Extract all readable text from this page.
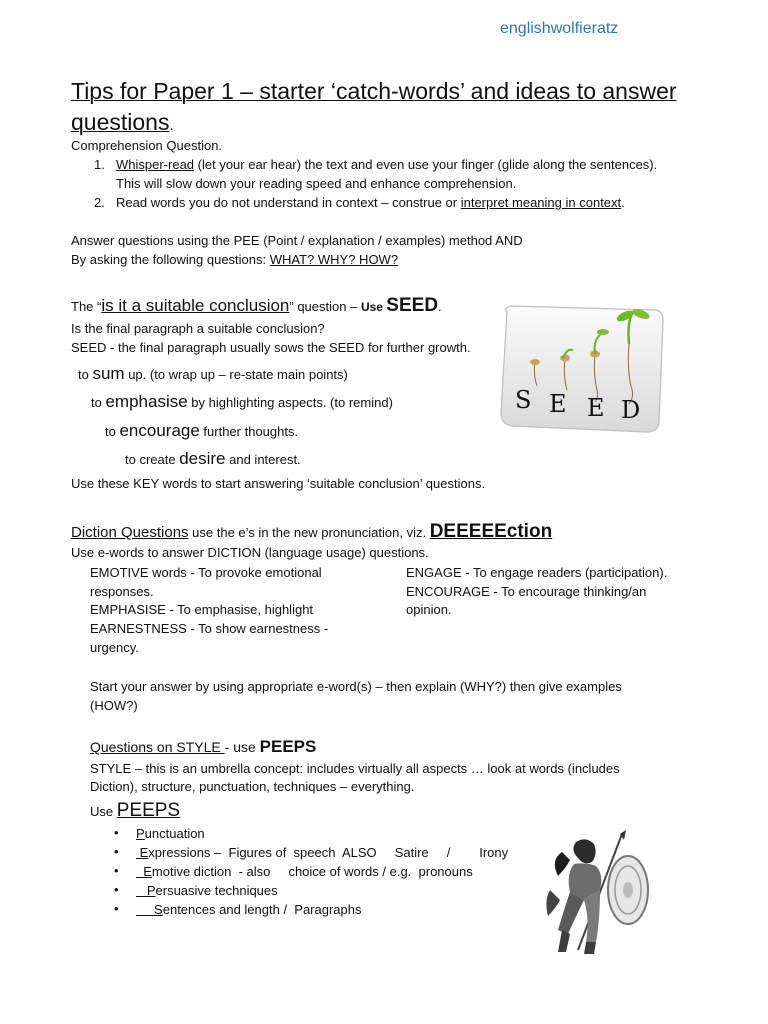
englishwolfieratz
Tips for Paper 1 – starter ‘catch-words’ and ideas to answer
questions.
Comprehension Question.
1. Whisper-read (let your ear hear) the text and even use your finger (glide along the sentences).
This will slow down your reading speed and enhance comprehension.
2. Read words you do not understand in context – construe or interpret meaning in context.
Answer questions using the PEE (Point / explanation / examples) method AND
By asking the following questions: WHAT? WHY? HOW?
The “is it a suitable conclusion” question – Use SEED.
Is the final paragraph a suitable conclusion?
SEED - the final paragraph usually sows the SEED for further growth.
to sum up. (to wrap up – re-state main points)
to emphasise by highlighting aspects. (to remind)
to encourage further thoughts.
to create desire and interest.
Use these KEY words to start answering ‘suitable conclusion’ questions.
S E E D
Diction Questions use the e’s in the new pronunciation, viz. DEEEEEction
Use e-words to answer DICTION (language usage) questions.
EMOTIVE words - To provoke emotional
responses.
EMPHASISE - To emphasise, highlight
EARNESTNESS - To show earnestness -
urgency.
ENGAGE - To engage readers (participation).
ENCOURAGE - To encourage thinking/an
opinion.
Start your answer by using appropriate e-word(s) – then explain (WHY?) then give examples
(HOW?)
Questions on STYLE - use PEEPS
STYLE – this is an umbrella concept: includes virtually all aspects … look at words (includes
Diction), structure, punctuation, techniques – everything.
Use PEEPS
• Punctuation
• Expressions –  Figures of  speech  ALSO     Satire     /        Irony
• Emotive diction  - also     choice of words / e.g.  pronouns
• Persuasive techniques
• Sentences and length /  Paragraphs
